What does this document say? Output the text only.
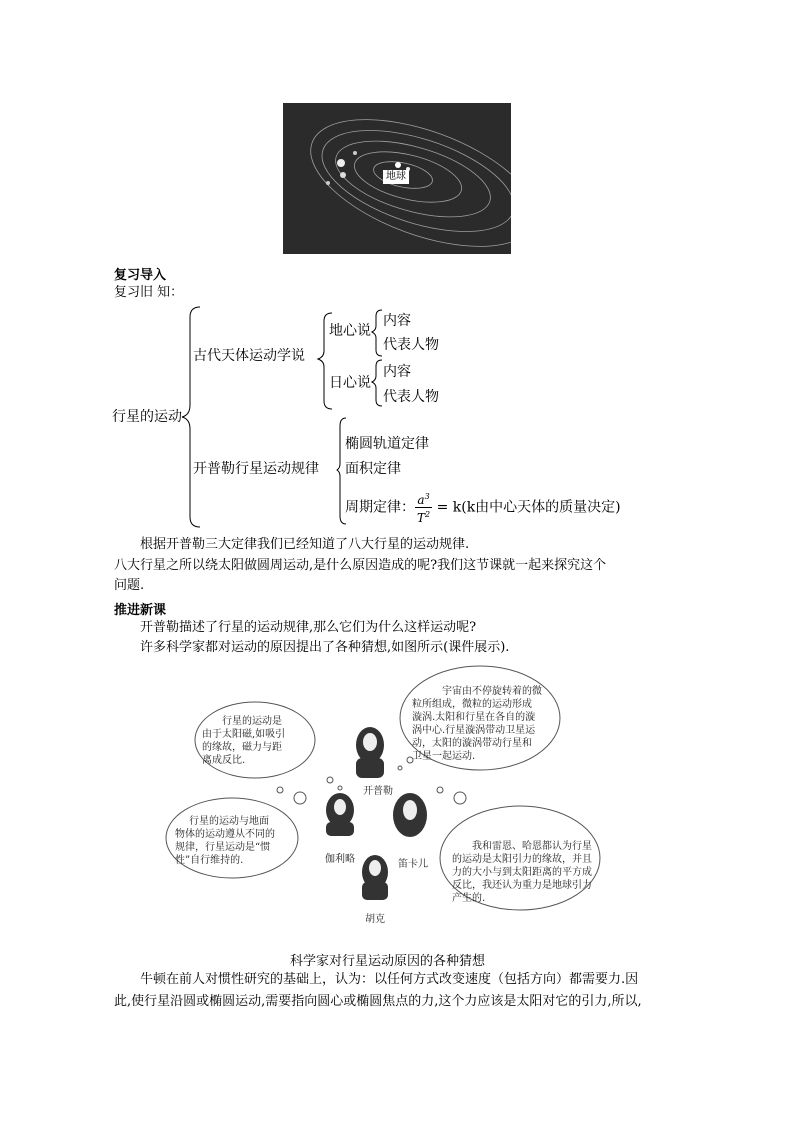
地球
复习导入
复习旧 知：
行星的运动
古代天体运动学说
地心说
内容
代表人物
日心说
内容
代表人物
开普勒行星运动规律
椭圆轨道定律
面积定律
周期定律： $\frac{a^3}{T^2} = k(k$由中心天体的质量决定)
根据开普勒三大定律我们已经知道了八大行星的运动规律.
八大行星之所以绕太阳做圆周运动,是什么原因造成的呢?我们这节课就一起来探究这个
问题.
推进新课
开普勒描述了行星的运动规律,那么它们为什么这样运动呢?
许多科学家都对运动的原因提出了各种猜想,如图所示(课件展示).
行星的运动是
由于太阳磁,如吸引
的缘故，磁力与距
离成反比.
宇宙由不停旋转着的微
粒所组成，微粒的运动形成
漩涡.太阳和行星在各自的漩
涡中心.行星漩涡带动卫星运
动，太阳的漩涡带动行星和
卫星一起运动.
行星的运动与地面
物体的运动遵从不同的
规律，行星运动是“惯
性”自行维持的.
我和雷恩、哈恩都认为行星
的运动是太阳引力的缘故，并且
力的大小与到太阳距离的平方成
反比，我还认为重力是地球引力
产生的.
开普勒
伽利略	笛卡儿
胡克
科学家对行星运动原因的各种猜想
牛顿在前人对惯性研究的基础上，认为：以任何方式改变速度（包括方向）都需要力.因
此,使行星沿圆或椭圆运动,需要指向圆心或椭圆焦点的力,这个力应该是太阳对它的引力,所以,
